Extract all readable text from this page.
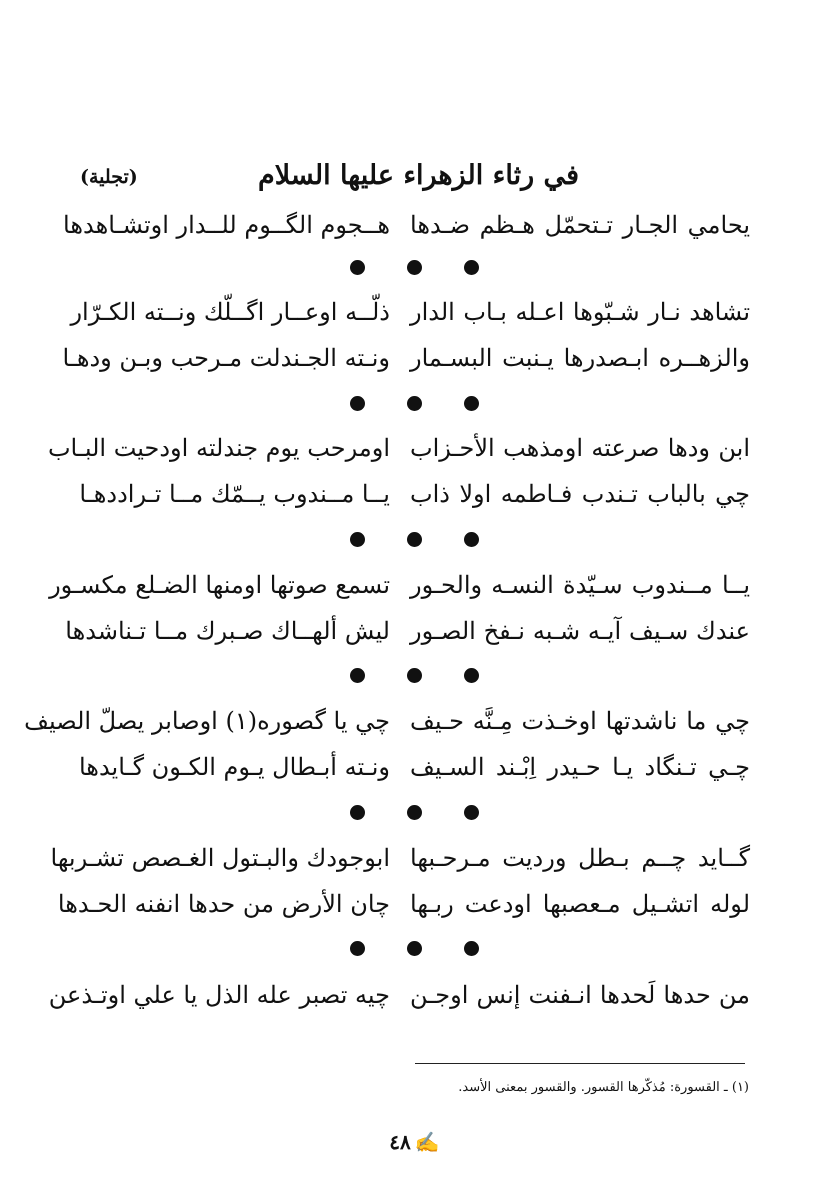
في رثاء الزهراء عليها السلام
(تجلية)
يحامي الجـار تـتحمّل هـظم ضـدها
هــجوم الگــوم للــدار اوتشـاهدها
تشاهد نـار شـبّوها اعـله بـاب الدار
ذلّــه اوعــار اگــلّك ونــته الكـرّار
والزهــره ابـصدرها يـنبت البسـمار
ونـته الجـندلت مـرحب وبـن ودهـا
ابن ودها صرعته اومذهب الأحـزاب
اومرحب يوم جندلته اودحيت البـاب
چي بالباب تـندب فـاطمه اولا ذاب
يــا مــندوب يــمّك مــا تـرادد‌هـا
يــا مــندوب سـيّدة النسـه والحـور
تسمع صوتها اومنها الضـلع مكسـور
عندك سـيف آيـه شـبه نـفخ الصـور
ليش ألهــاك صـبرك مــا تـناشدها
چي ما ناشدتها اوخـذت مِـنَّه حـيف
چي يا گصوره(١) اوصابر يصلّ الصيف
چـي تـنگاد يـا حـيدر اِبْـند السـيف
ونـته أبـطال يـوم الكـون گـايدها
گــايد چــم بـطل ورديت مـرحـبها
ابوجودك والبـتول الغـصص تشـربها
لوله اتشـيل مـعصبها اودعت ربـها
چان الأرض من حدها انفنه الحـدها
من حدها لَحدها انـفنت إنس اوجـن
چيه تصبر عله الذل يا علي اوتـذعن
(١) ـ القسورة: مُذكّرها القسور. والقسور بمعنى الأسد.
✍٤٨
